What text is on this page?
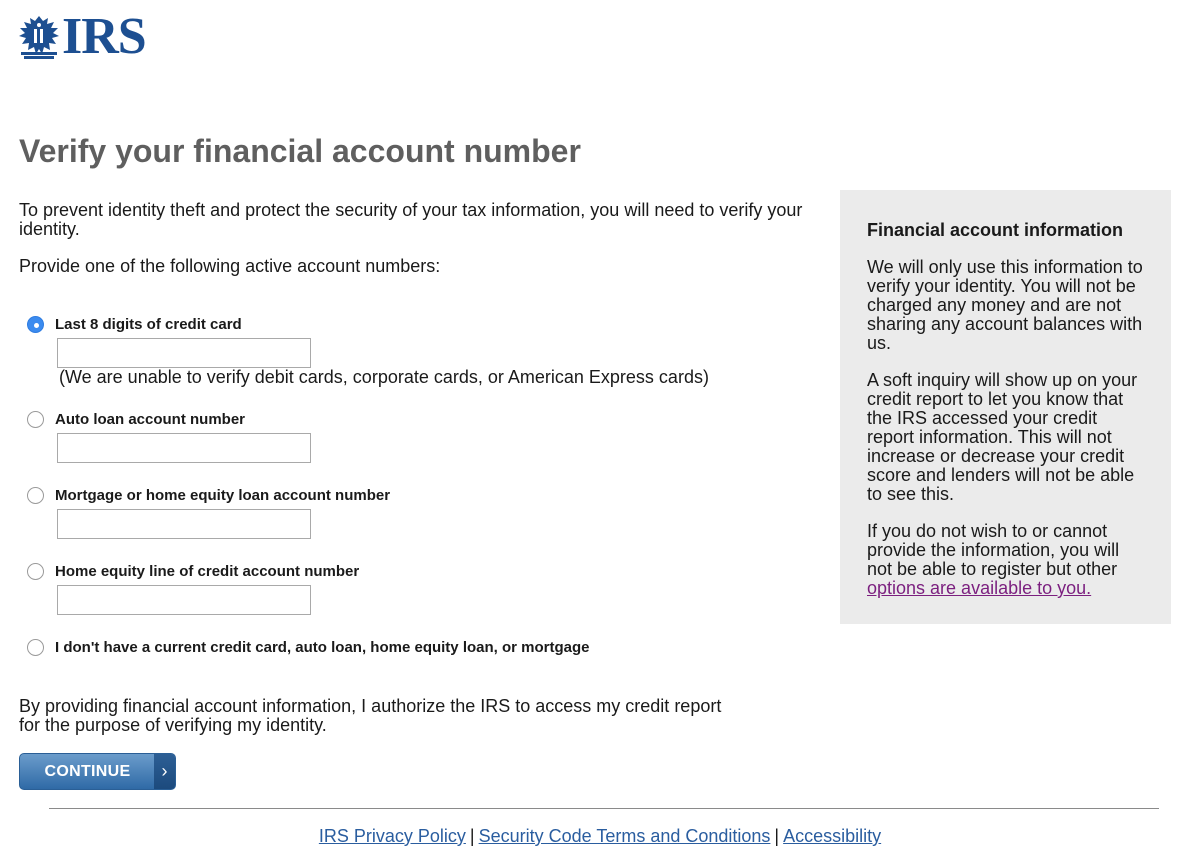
IRS
Verify your financial account number

To prevent identity theft and protect the security of your tax information, you will need to verify your identity.

Provide one of the following active account numbers:

Last 8 digits of credit card
(We are unable to verify debit cards, corporate cards, or American Express cards)
Auto loan account number
Mortgage or home equity loan account number
Home equity line of credit account number
I don't have a current credit card, auto loan, home equity loan, or mortgage

By providing financial account information, I authorize the IRS to access my credit report for the purpose of verifying my identity.

CONTINUE	›
IRS Privacy Policy | Security Code Terms and Conditions | Accessibility

Financial account information

We will only use this information to verify your identity. You will not be charged any money and are not sharing any account balances with us.

A soft inquiry will show up on your credit report to let you know that the IRS accessed your credit report information. This will not increase or decrease your credit score and lenders will not be able to see this.

If you do not wish to or cannot provide the information, you will not be able to register but other options are available to you.
